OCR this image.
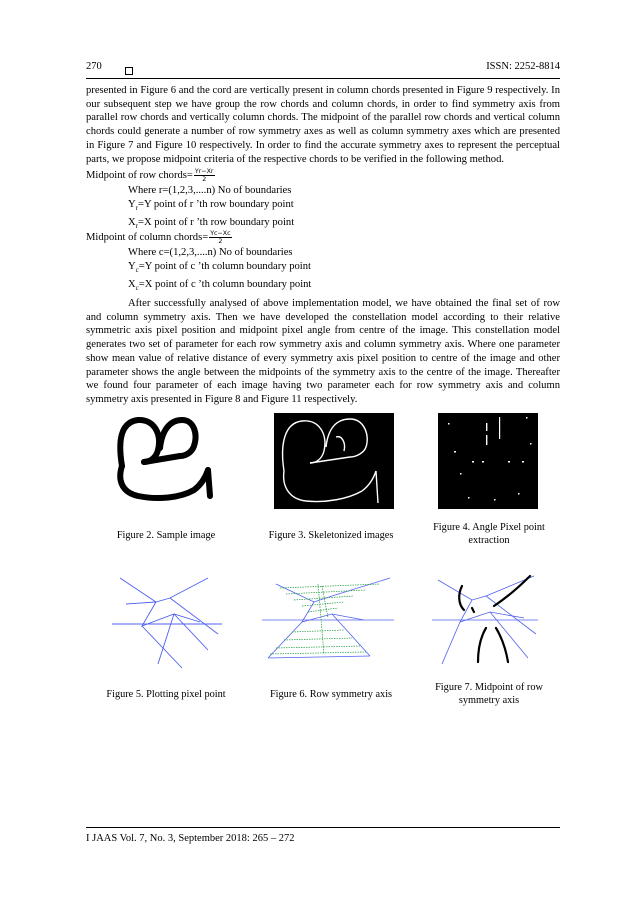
270	ISSN: 2252-8814

presented in Figure 6 and the cord are vertically present in column chords presented in Figure 9 respectively. In our subsequent step we have group the row chords and column chords, in order to find symmetry axis from parallel row chords and vertically column chords. The midpoint of the parallel row chords and vertical column chords could generate a number of row symmetry axes as well as column symmetry axes which are presented in Figure 7 and Figure 10 respectively. In order to find the accurate symmetry axes to represent the perceptual parts, we propose midpoint criteria of the respective chords to be verified in the following method.

Midpoint of row chords= $\frac{Yr-Xr}{2}$
Where r=(1,2,3,....n) No of boundaries
$Y_r=Y$ point of r ’th row boundary point
$X_r=X$ point of r ’th row boundary point
Midpoint of column chords= $\frac{Yc-Xc}{2}$
Where c=(1,2,3,....n) No of boundaries
$Y_c=Y$ point of c ’th column boundary point
$X_c=X$ point of c ’th column boundary point

After successfully analysed of above implementation model, we have obtained the final set of row and column symmetry axis. Then we have developed the constellation model according to their relative symmetric axis pixel position and midpoint pixel angle from centre of the image. This constellation model generates two set of parameter for each row symmetry axis and column symmetry axis. Where one parameter show mean value of relative distance of every symmetry axis pixel position to centre of the image and other parameter shows the angle between the midpoints of the symmetry axis to the centre of the image. Thereafter we found four parameter of each image having two parameter each for row symmetry axis and column symmetry axis presented in Figure 8 and Figure 11 respectively.

Figure 2. Sample image	Figure 3. Skeletonized images
Figure 4. Angle Pixel point extraction
Figure 5. Plotting pixel point	Figure 6. Row symmetry axis
Figure 7. Midpoint of row symmetry axis
I JAAS Vol. 7, No. 3, September 2018: 265 – 272
